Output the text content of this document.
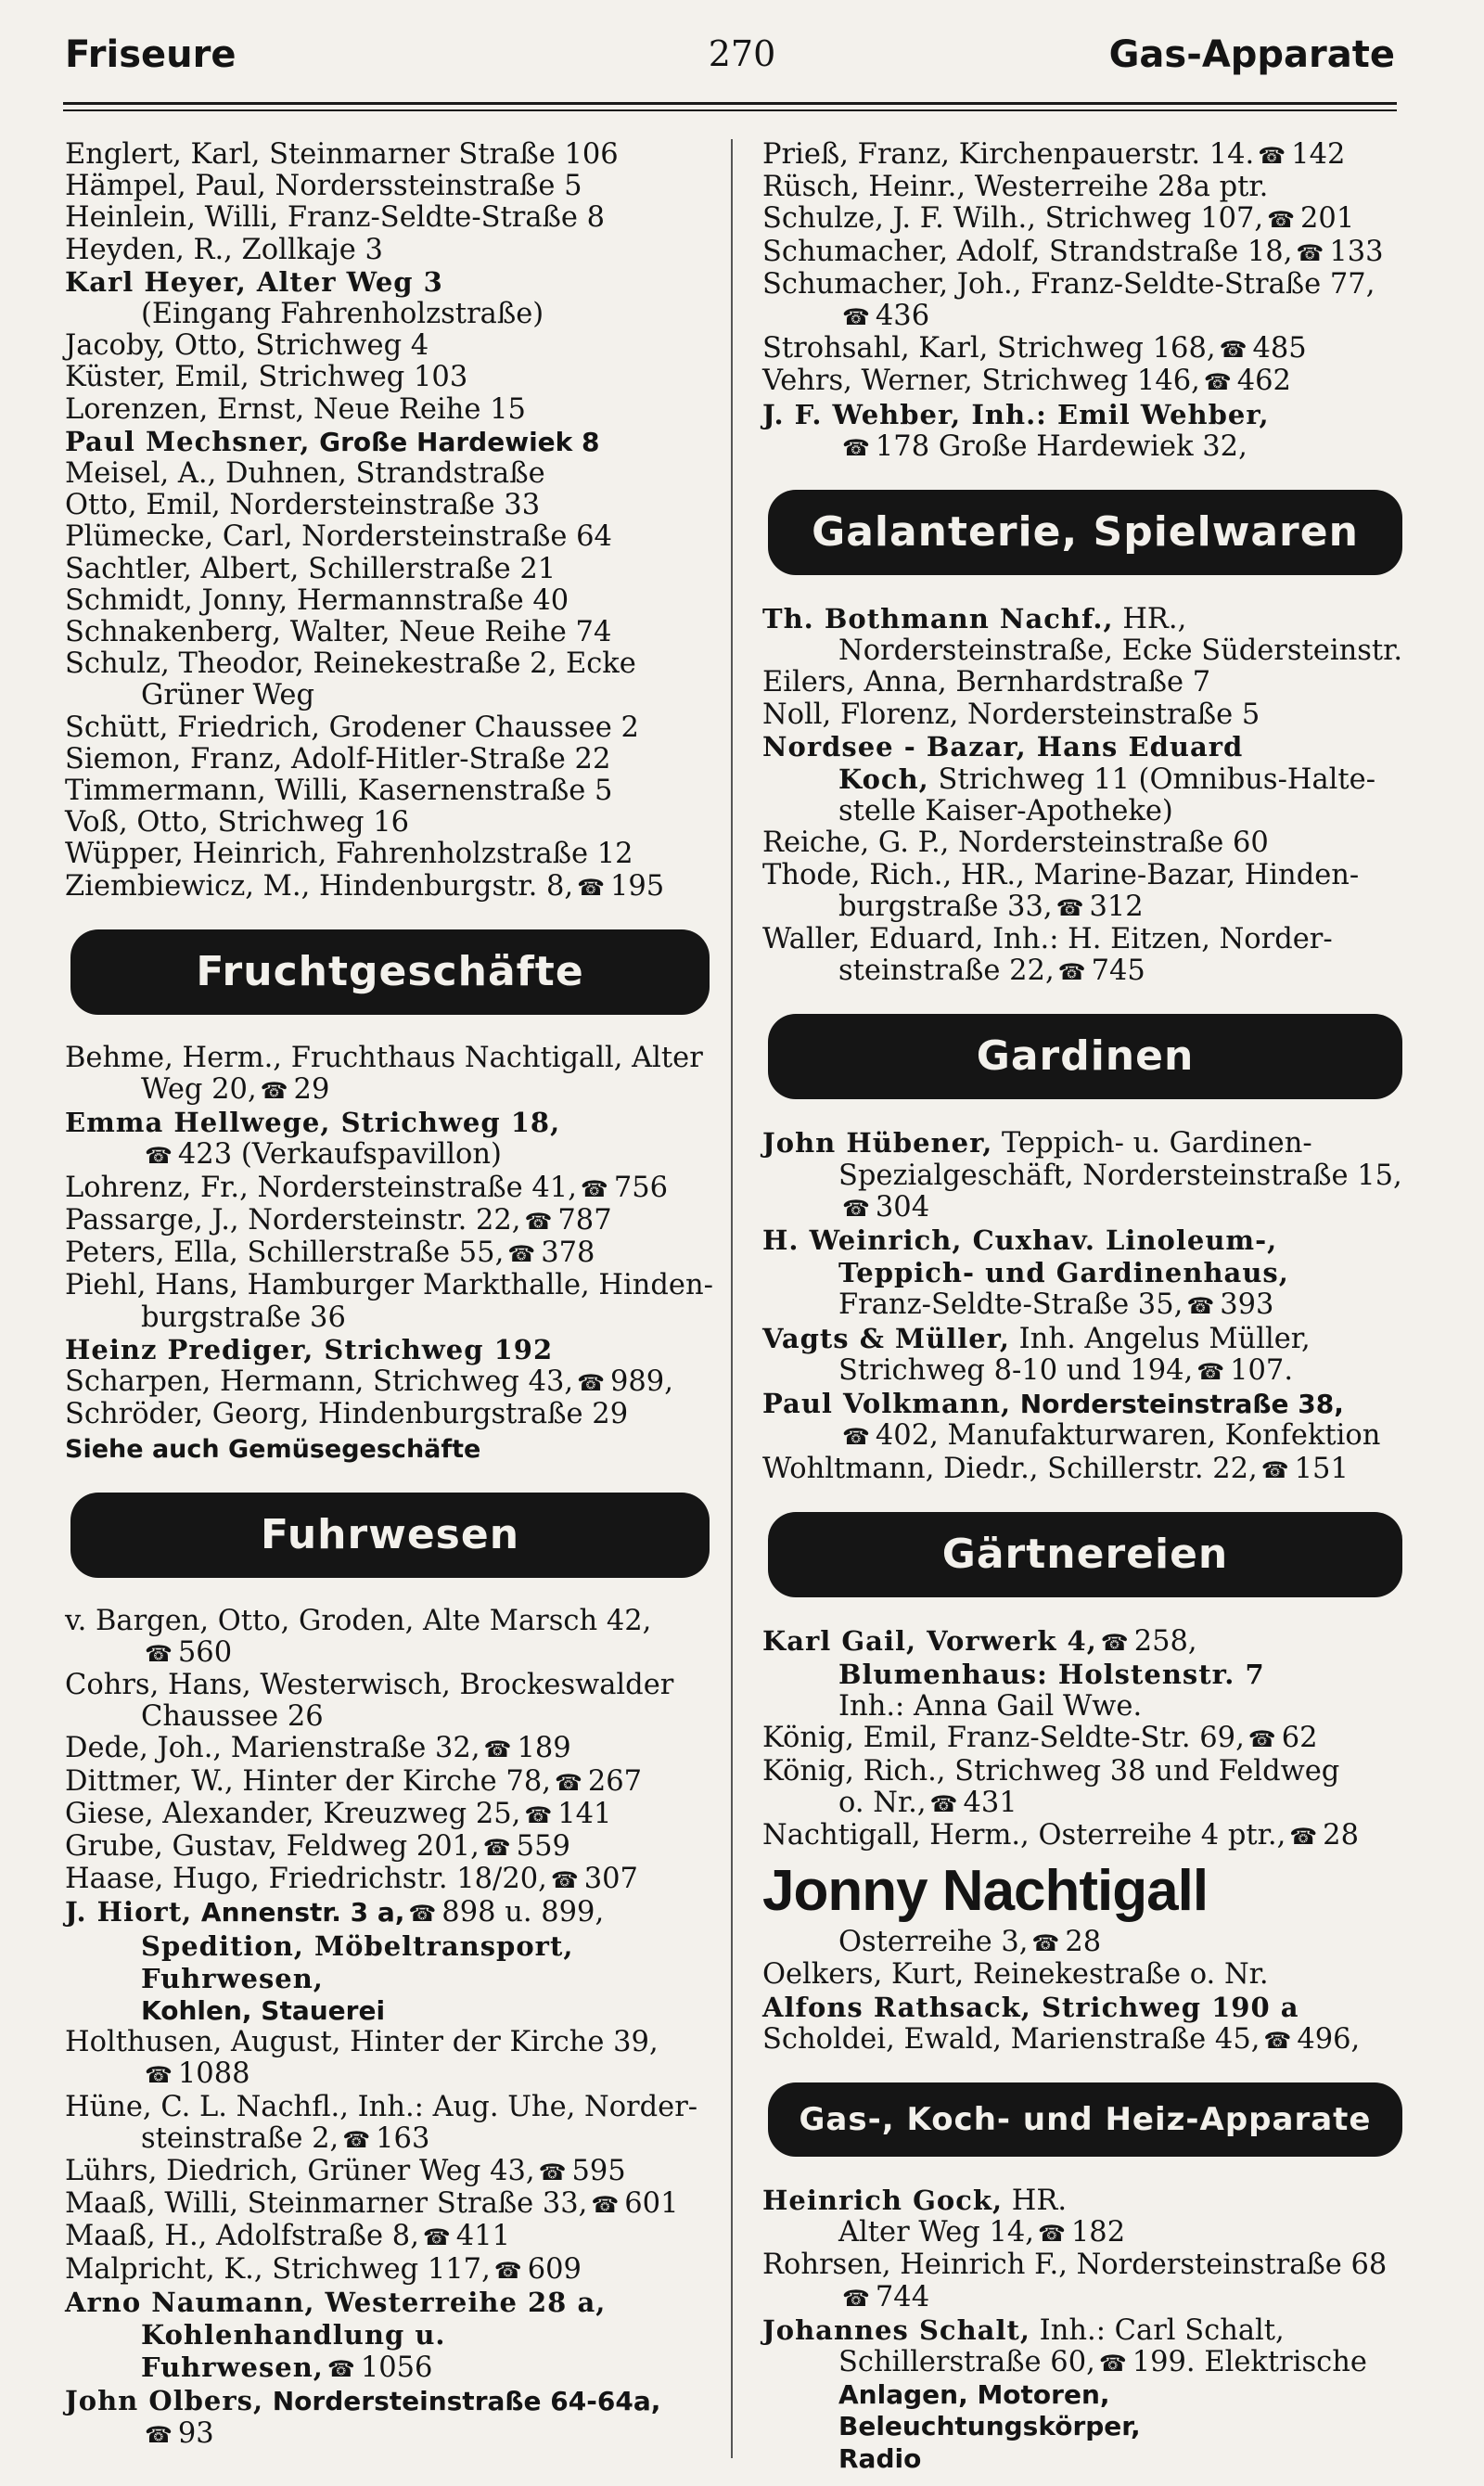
Friseure	270	Gas-Apparate
Englert, Karl, Steinmarner Straße 106
Hämpel, Paul, Norderssteinstraße 5
Heinlein, Willi, Franz-Seldte-Straße 8
Heyden, R., Zollkaje 3
Karl Heyer, Alter Weg 3
(Eingang Fahrenholzstraße)
Jacoby, Otto, Strichweg 4
Küster, Emil, Strichweg 103
Lorenzen, Ernst, Neue Reihe 15
Paul Mechsner, Große Hardewiek 8
Meisel, A., Duhnen, Strandstraße
Otto, Emil, Nordersteinstraße 33
Plümecke, Carl, Nordersteinstraße 64
Sachtler, Albert, Schillerstraße 21
Schmidt, Jonny, Hermannstraße 40
Schnakenberg, Walter, Neue Reihe 74
Schulz, Theodor, Reinekestraße 2, Ecke
Grüner Weg
Schütt, Friedrich, Grodener Chaussee 2
Siemon, Franz, Adolf-Hitler-Straße 22
Timmermann, Willi, Kasernenstraße 5
Voß, Otto, Strichweg 16
Wüpper, Heinrich, Fahrenholzstraße 12
Ziembiewicz, M., Hindenburgstr. 8, ☎ 195
Fruchtgeschäfte
Behme, Herm., Fruchthaus Nachtigall, Alter
Weg 20, ☎ 29
Emma Hellwege, Strichweg 18,
☎ 423 (Verkaufspavillon)
Lohrenz, Fr., Nordersteinstraße 41, ☎ 756
Passarge, J., Nordersteinstr. 22, ☎ 787
Peters, Ella, Schillerstraße 55, ☎ 378
Piehl, Hans, Hamburger Markthalle, Hinden-
burgstraße 36
Heinz Prediger, Strichweg 192
Scharpen, Hermann, Strichweg 43, ☎ 989,
Schröder, Georg, Hindenburgstraße 29
Siehe auch Gemüsegeschäfte
Fuhrwesen
v. Bargen, Otto, Groden, Alte Marsch 42,
☎ 560
Cohrs, Hans, Westerwisch, Brockeswalder
Chaussee 26
Dede, Joh., Marienstraße 32, ☎ 189
Dittmer, W., Hinter der Kirche 78, ☎ 267
Giese, Alexander, Kreuzweg 25, ☎ 141
Grube, Gustav, Feldweg 201, ☎ 559
Haase, Hugo, Friedrichstr. 18/20, ☎ 307
J. Hiort, Annenstr. 3 a, ☎ 898 u. 899,
Spedition, Möbeltransport, Fuhrwesen,
Kohlen, Stauerei
Holthusen, August, Hinter der Kirche 39,
☎ 1088
Hüne, C. L. Nachfl., Inh.: Aug. Uhe, Norder-
steinstraße 2, ☎ 163
Lührs, Diedrich, Grüner Weg 43, ☎ 595
Maaß, Willi, Steinmarner Straße 33, ☎ 601
Maaß, H., Adolfstraße 8, ☎ 411
Malpricht, K., Strichweg 117, ☎ 609
Arno Naumann, Westerreihe 28 a,
Kohlenhandlung u. Fuhrwesen, ☎ 1056
John Olbers, Nordersteinstraße 64-64a,
☎ 93
Prieß, Franz, Kirchenpauerstr. 14. ☎ 142
Rüsch, Heinr., Westerreihe 28a ptr.
Schulze, J. F. Wilh., Strichweg 107, ☎ 201
Schumacher, Adolf, Strandstraße 18, ☎ 133
Schumacher, Joh., Franz-Seldte-Straße 77,
☎ 436
Strohsahl, Karl, Strichweg 168, ☎ 485
Vehrs, Werner, Strichweg 146, ☎ 462
J. F. Wehber, Inh.: Emil Wehber,
☎ 178 Große Hardewiek 32,
Galanterie, Spielwaren
Th. Bothmann Nachf., HR.,
Nordersteinstraße, Ecke Südersteinstr.
Eilers, Anna, Bernhardstraße 7
Noll, Florenz, Nordersteinstraße 5
Nordsee - Bazar, Hans Eduard
Koch, Strichweg 11 (Omnibus-Halte-
stelle Kaiser-Apotheke)
Reiche, G. P., Nordersteinstraße 60
Thode, Rich., HR., Marine-Bazar, Hinden-
burgstraße 33, ☎ 312
Waller, Eduard, Inh.: H. Eitzen, Norder-
steinstraße 22, ☎ 745
Gardinen
John Hübener, Teppich- u. Gardinen-
Spezialgeschäft, Nordersteinstraße 15,
☎ 304
H. Weinrich, Cuxhav. Linoleum-,
Teppich- und Gardinenhaus,
Franz-Seldte-Straße 35, ☎ 393
Vagts & Müller, Inh. Angelus Müller,
Strichweg 8-10 und 194, ☎ 107.
Paul Volkmann, Nordersteinstraße 38,
☎ 402, Manufakturwaren, Konfektion
Wohltmann, Diedr., Schillerstr. 22, ☎ 151
Gärtnereien
Karl Gail, Vorwerk 4, ☎ 258,
Blumenhaus: Holstenstr. 7
Inh.: Anna Gail Wwe.
König, Emil, Franz-Seldte-Str. 69, ☎ 62
König, Rich., Strichweg 38 und Feldweg
o. Nr., ☎ 431
Nachtigall, Herm., Osterreihe 4 ptr., ☎ 28
Jonny Nachtigall
Osterreihe 3, ☎ 28
Oelkers, Kurt, Reinekestraße o. Nr.
Alfons Rathsack, Strichweg 190 a
Scholdei, Ewald, Marienstraße 45, ☎ 496,
Gas-, Koch- und Heiz-Apparate
Heinrich Gock, HR.
Alter Weg 14, ☎ 182
Rohrsen, Heinrich F., Nordersteinstraße 68
☎ 744
Johannes Schalt, Inh.: Carl Schalt,
Schillerstraße 60, ☎ 199. Elektrische
Anlagen, Motoren, Beleuchtungskörper,
Radio
